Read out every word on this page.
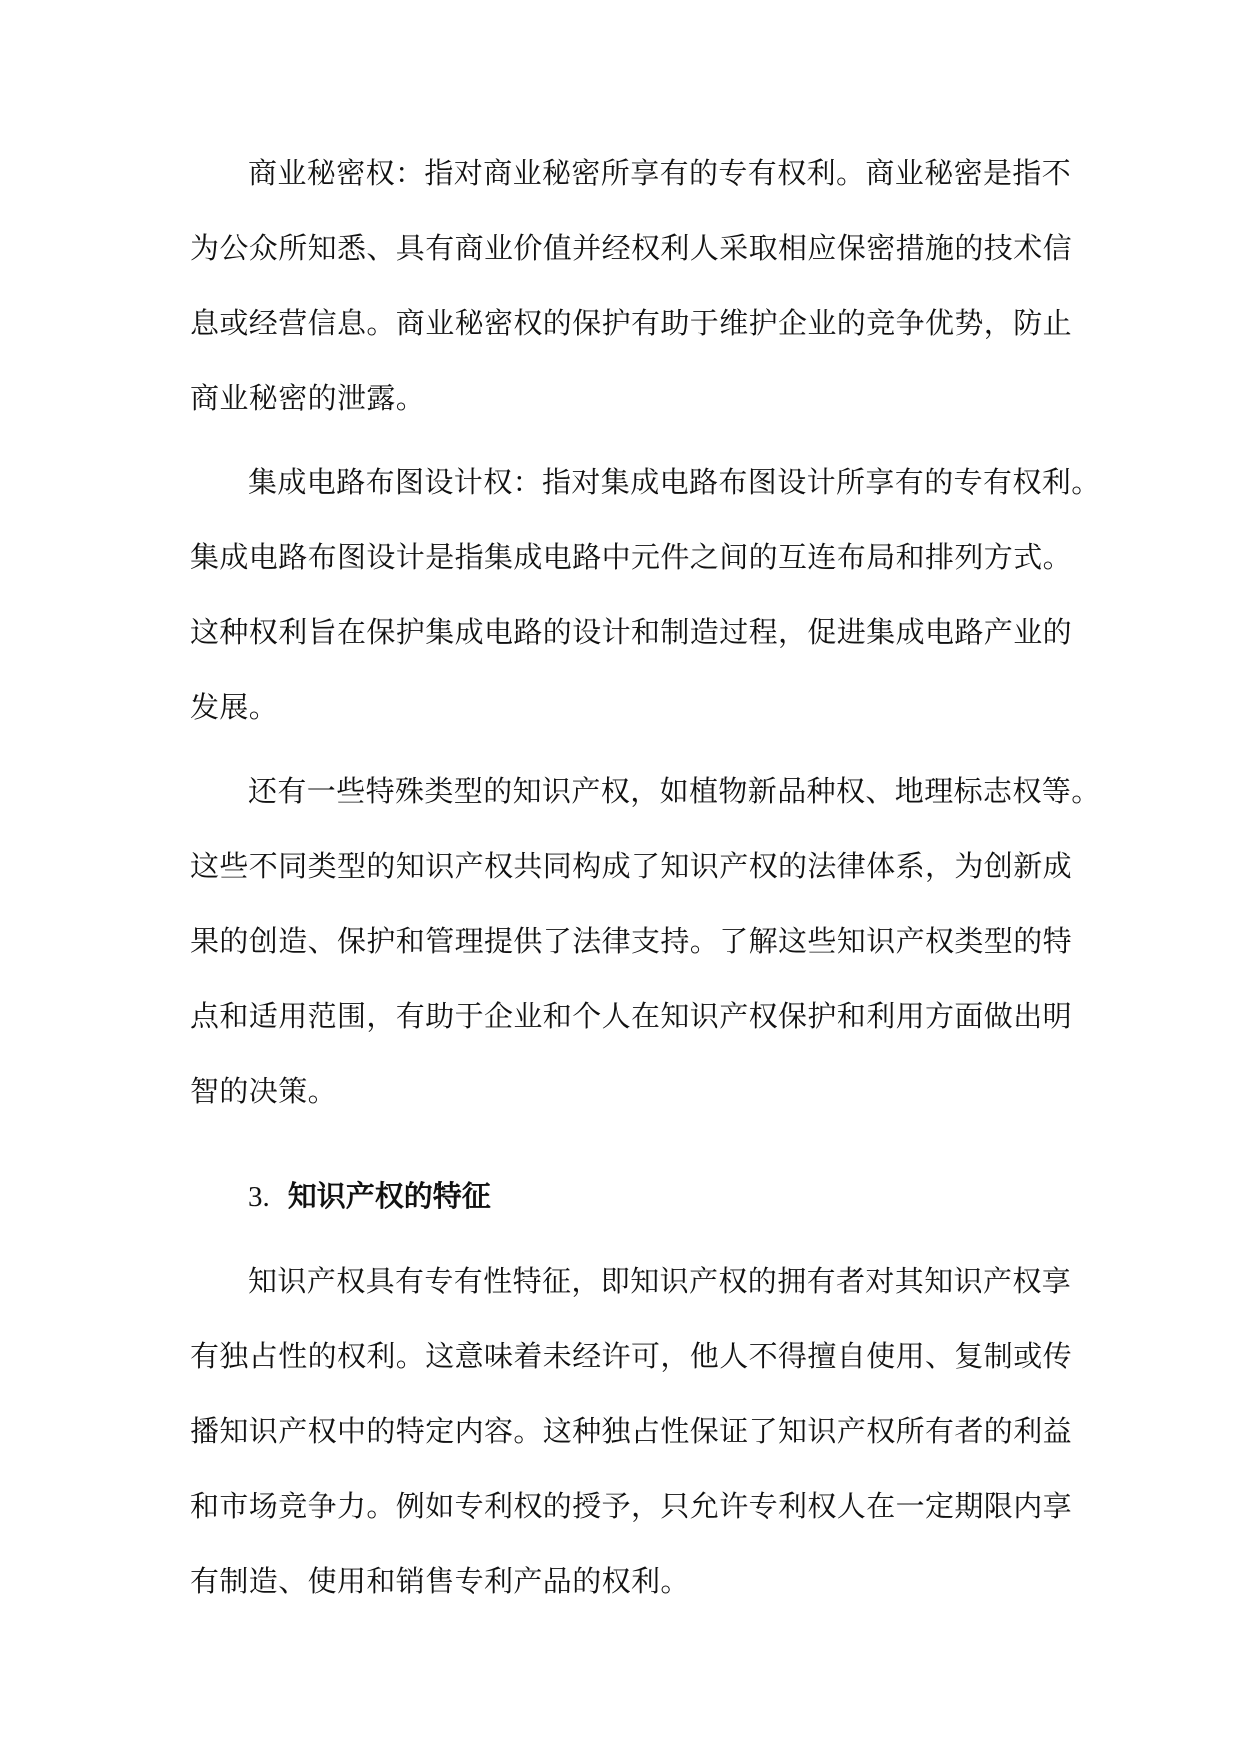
商业秘密权：指对商业秘密所享有的专有权利。商业秘密是指不
为公众所知悉、具有商业价值并经权利人采取相应保密措施的技术信
息或经营信息。商业秘密权的保护有助于维护企业的竞争优势，防止
商业秘密的泄露。

集成电路布图设计权：指对集成电路布图设计所享有的专有权利。
集成电路布图设计是指集成电路中元件之间的互连布局和排列方式。
这种权利旨在保护集成电路的设计和制造过程，促进集成电路产业的
发展。

还有一些特殊类型的知识产权，如植物新品种权、地理标志权等。
这些不同类型的知识产权共同构成了知识产权的法律体系，为创新成
果的创造、保护和管理提供了法律支持。了解这些知识产权类型的特
点和适用范围，有助于企业和个人在知识产权保护和利用方面做出明
智的决策。

3. 知识产权的特征

知识产权具有专有性特征，即知识产权的拥有者对其知识产权享
有独占性的权利。这意味着未经许可，他人不得擅自使用、复制或传
播知识产权中的特定内容。这种独占性保证了知识产权所有者的利益
和市场竞争力。例如专利权的授予，只允许专利权人在一定期限内享
有制造、使用和销售专利产品的权利。
